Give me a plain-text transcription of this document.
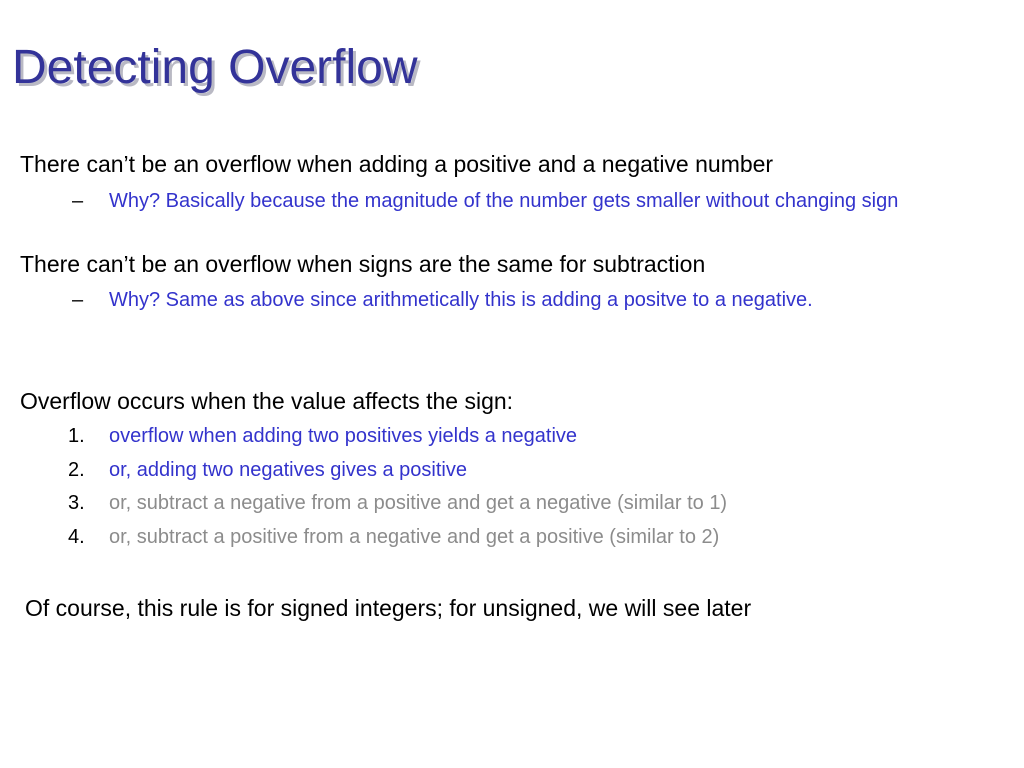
Detecting Overflow
There can’t be an overflow when adding a positive and a negative number
– Why? Basically because the magnitude of the number gets smaller without changing sign
There can’t be an overflow when signs are the same for subtraction
– Why? Same as above since arithmetically this is adding a positve to a negative.
Overflow occurs when the value affects the sign:
1. overflow when adding two positives yields a negative
2. or, adding two negatives gives a positive
3. or, subtract a negative from a positive and get a negative (similar to 1)
4. or, subtract a positive from a negative and get a positive (similar to 2)
Of course, this rule is for signed integers; for unsigned, we will see later
